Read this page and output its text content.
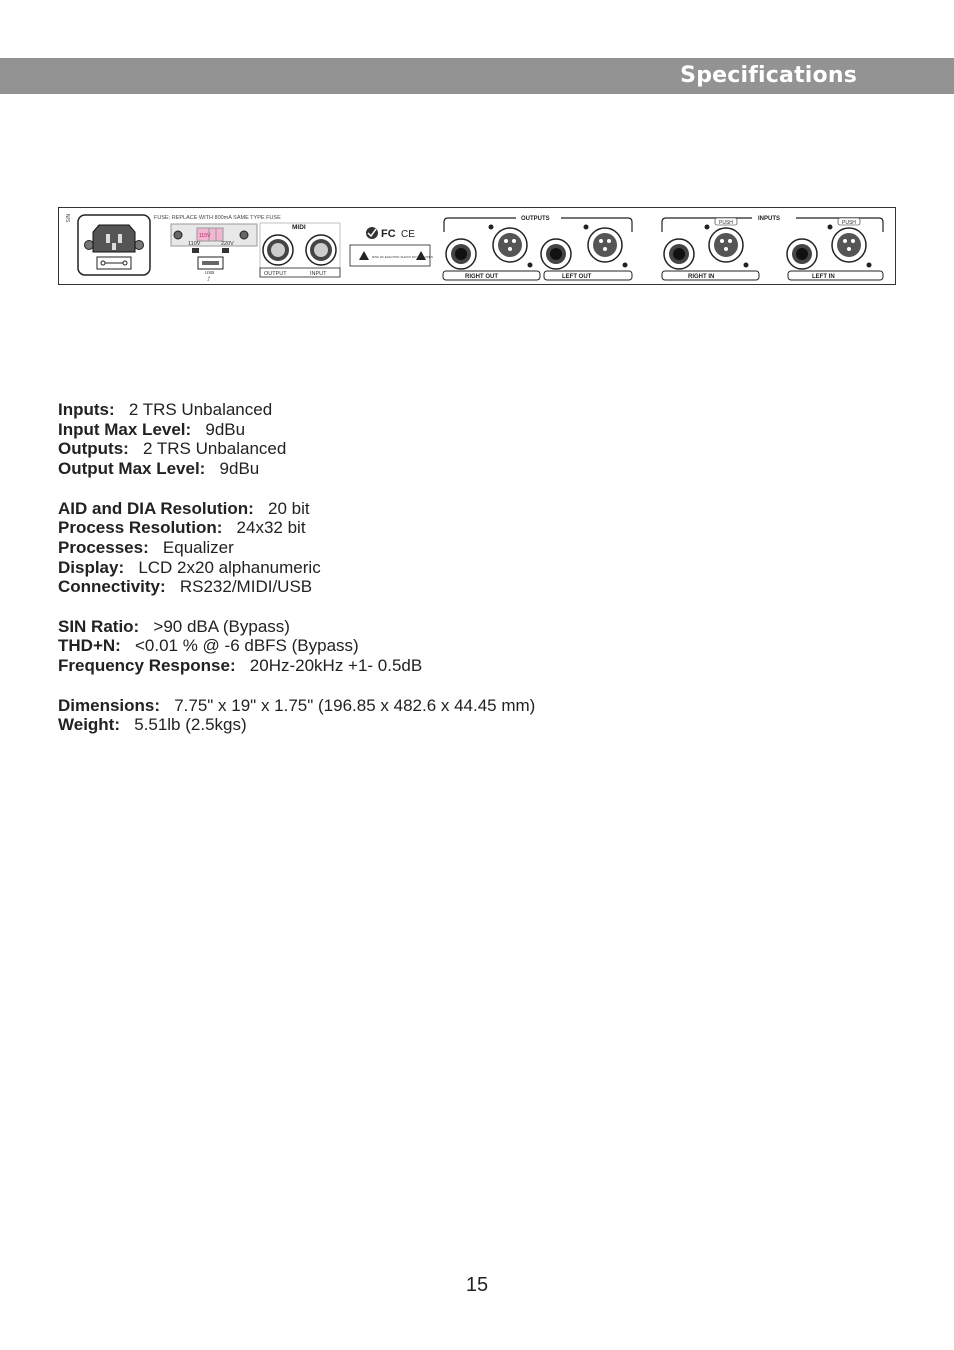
Specifications
N/S	FUSE: REPLACE WITH 800mA SAME TYPE FUSE
115V
110V	220V
USB
⭜
MIDI
OUTPUT	INPUT
FC CE
RISK OF ELECTRIC SHOCK DO NOT OPEN
OUTPUTS
RIGHT OUT	LEFT OUT
INPUTS
PUSH	PUSH
RIGHT IN	LEFT IN
Inputs: 2 TRS Unbalanced
Input Max Level: 9dBu
Outputs: 2 TRS Unbalanced
Output Max Level: 9dBu
AID and DIA Resolution: 20 bit
Process Resolution: 24x32 bit
Processes: Equalizer
Display: LCD 2x20 alphanumeric
Connectivity: RS232/MIDI/USB
SIN Ratio: >90 dBA (Bypass)
THD+N: <0.01 % @ -6 dBFS (Bypass)
Frequency Response: 20Hz-20kHz +1- 0.5dB
Dimensions: 7.75" x 19" x 1.75" (196.85 x 482.6 x 44.45 mm)
Weight: 5.51lb (2.5kgs)
15
